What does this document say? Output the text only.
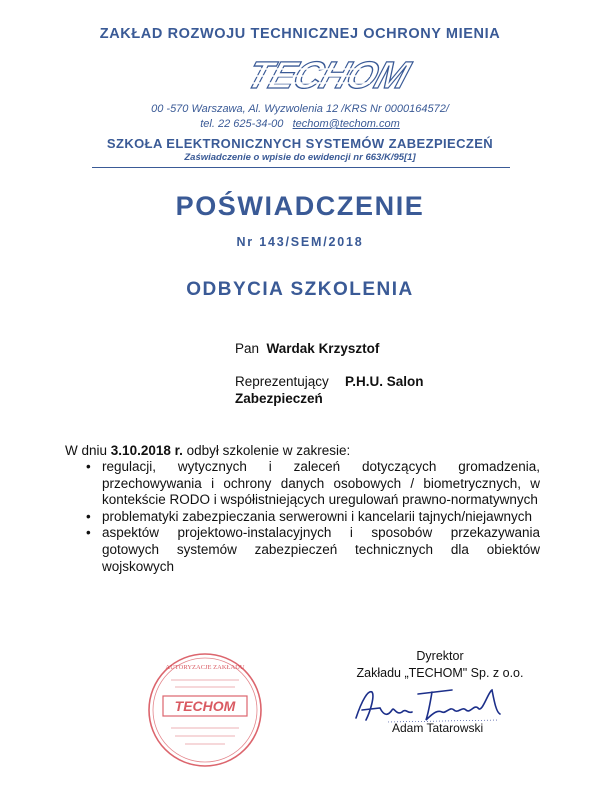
ZAKŁAD ROZWOJU TECHNICZNEJ OCHRONY MIENIA
TECHOM
00 -570 Warszawa, Al. Wyzwolenia 12 /KRS Nr 0000164572/
tel. 22 625-34-00 techom@techom.com
SZKOŁA ELEKTRONICZNYCH SYSTEMÓW ZABEZPIECZEŃ
Zaświadczenie o wpisie do ewidencji nr 663/K/95[1]
POŚWIADCZENIE
Nr 143/SEM/2018
ODBYCIA SZKOLENIA
Pan Wardak Krzysztof
Reprezentujący P.H.U. Salon Zabezpieczeń
W dniu 3.10.2018 r. odbył szkolenie w zakresie:
• regulacji, wytycznych i zaleceń dotyczących gromadzenia, przechowywania i ochrony danych osobowych / biometrycznych, w kontekście RODO i współistniejących uregulowań prawno-normatywnych
• problematyki zabezpieczania serwerowni i kancelarii tajnych/niejawnych
• aspektów projektowo-instalacyjnych i sposobów przekazywania gotowych systemów zabezpieczeń technicznych dla obiektów wojskowych
AUTORYZACJE ZAKŁADU
TECHOM
Dyrektor
Zakładu „TECHOM" Sp. z o.o.
Adam Tatarowski
